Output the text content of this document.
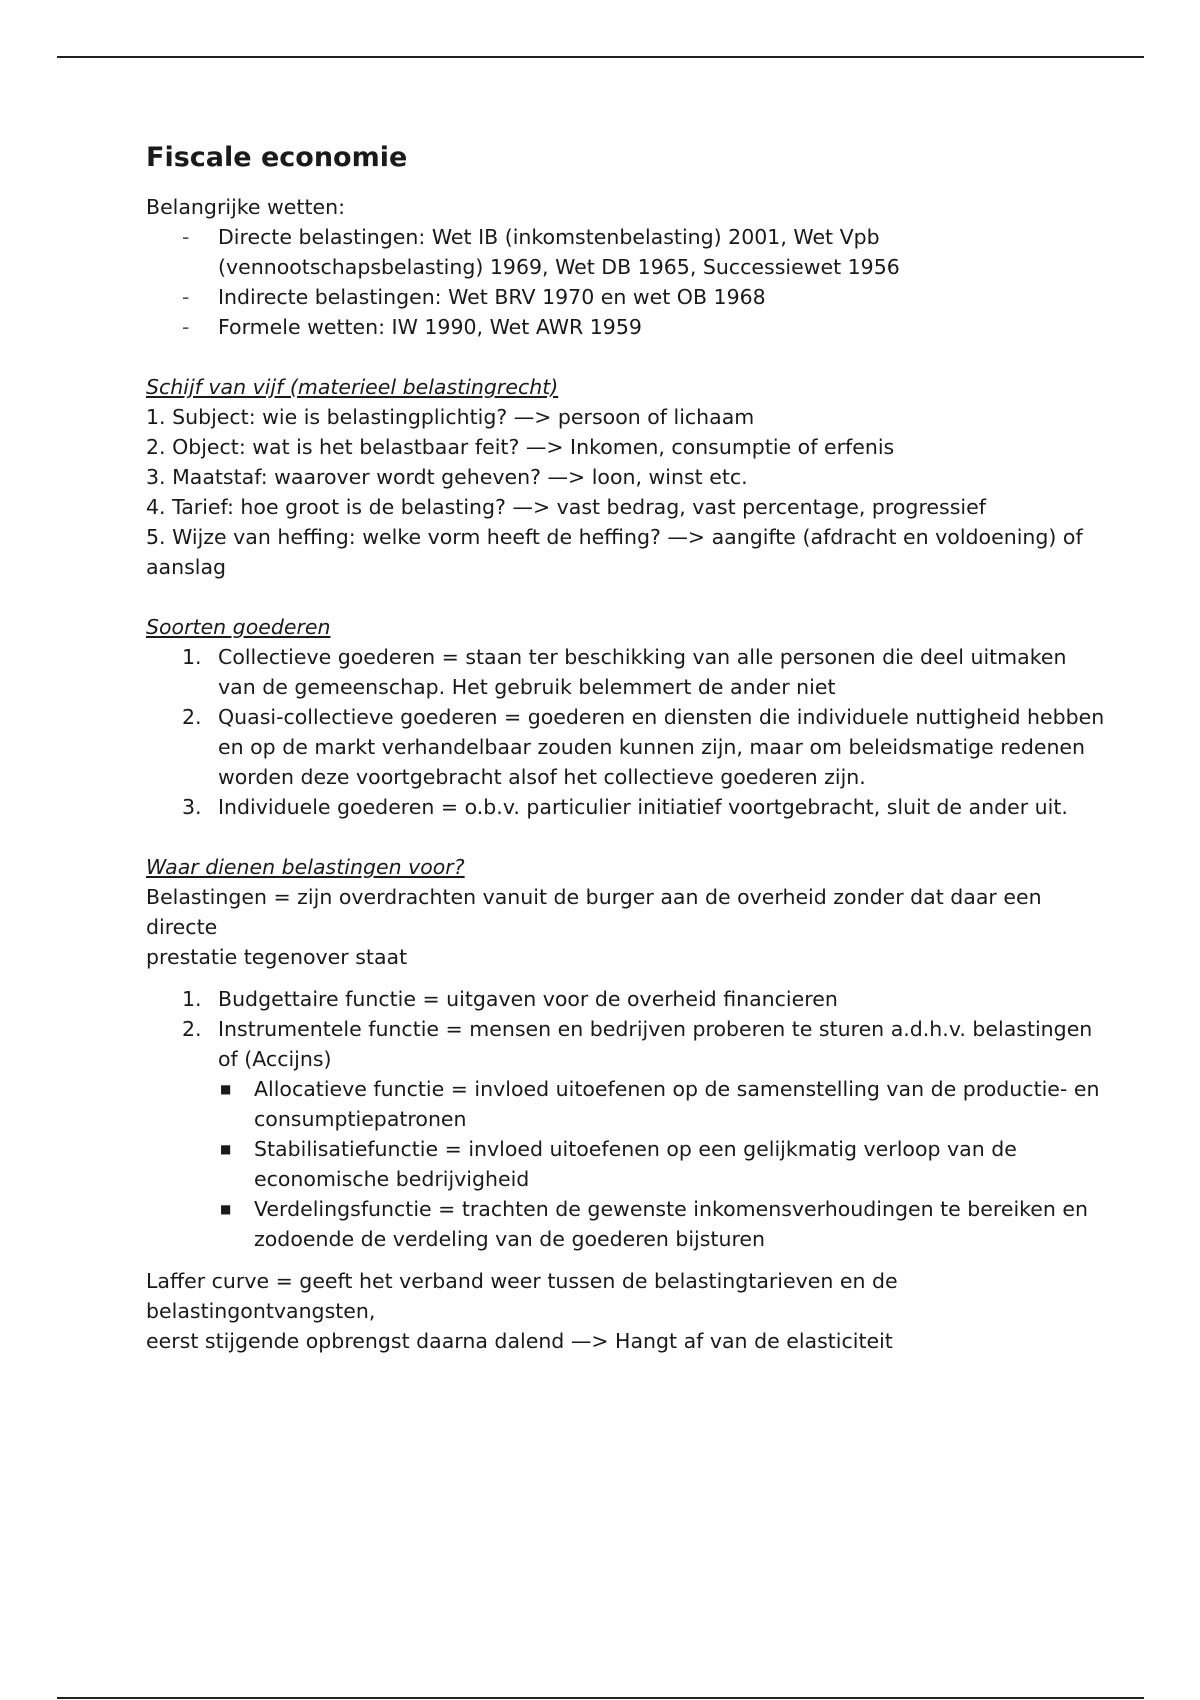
Fiscale economie

Belangrijke wetten:

- Directe belastingen: Wet IB (inkomstenbelasting) 2001, Wet Vpb (vennootschapsbelasting) 1969, Wet DB 1965, Successiewet 1956
- Indirecte belastingen: Wet BRV 1970 en wet OB 1968
- Formele wetten: IW 1990, Wet AWR 1959

Schijf van vijf (materieel belastingrecht)

1. Subject: wie is belastingplichtig? —> persoon of lichaam

2. Object: wat is het belastbaar feit? —> Inkomen, consumptie of erfenis

3. Maatstaf: waarover wordt geheven? —> loon, winst etc.

4. Tarief: hoe groot is de belasting? —> vast bedrag, vast percentage, progressief

5. Wijze van heffing: welke vorm heeft de heffing? —> aangifte (afdracht en voldoening) of aanslag

Soorten goederen

1. Collectieve goederen = staan ter beschikking van alle personen die deel uitmaken van de gemeenschap. Het gebruik belemmert de ander niet
2. Quasi-collectieve goederen = goederen en diensten die individuele nuttigheid hebben en op de markt verhandelbaar zouden kunnen zijn, maar om beleidsmatige redenen worden deze voortgebracht alsof het collectieve goederen zijn.
3. Individuele goederen = o.b.v. particulier initiatief voortgebracht, sluit de ander uit.

Waar dienen belastingen voor?

Belastingen = zijn overdrachten vanuit de burger aan de overheid zonder dat daar een directe

prestatie tegenover staat

1. Budgettaire functie = uitgaven voor de overheid financieren
2. Instrumentele functie = mensen en bedrijven proberen te sturen a.d.h.v. belastingen of (Accijns)
■ Allocatieve functie = invloed uitoefenen op de samenstelling van de productie- en consumptiepatronen
■ Stabilisatiefunctie = invloed uitoefenen op een gelijkmatig verloop van de economische bedrijvigheid
■ Verdelingsfunctie = trachten de gewenste inkomensverhoudingen te bereiken en zodoende de verdeling van de goederen bijsturen

Laffer curve = geeft het verband weer tussen de belastingtarieven en de belastingontvangsten,

eerst stijgende opbrengst daarna dalend —> Hangt af van de elasticiteit
